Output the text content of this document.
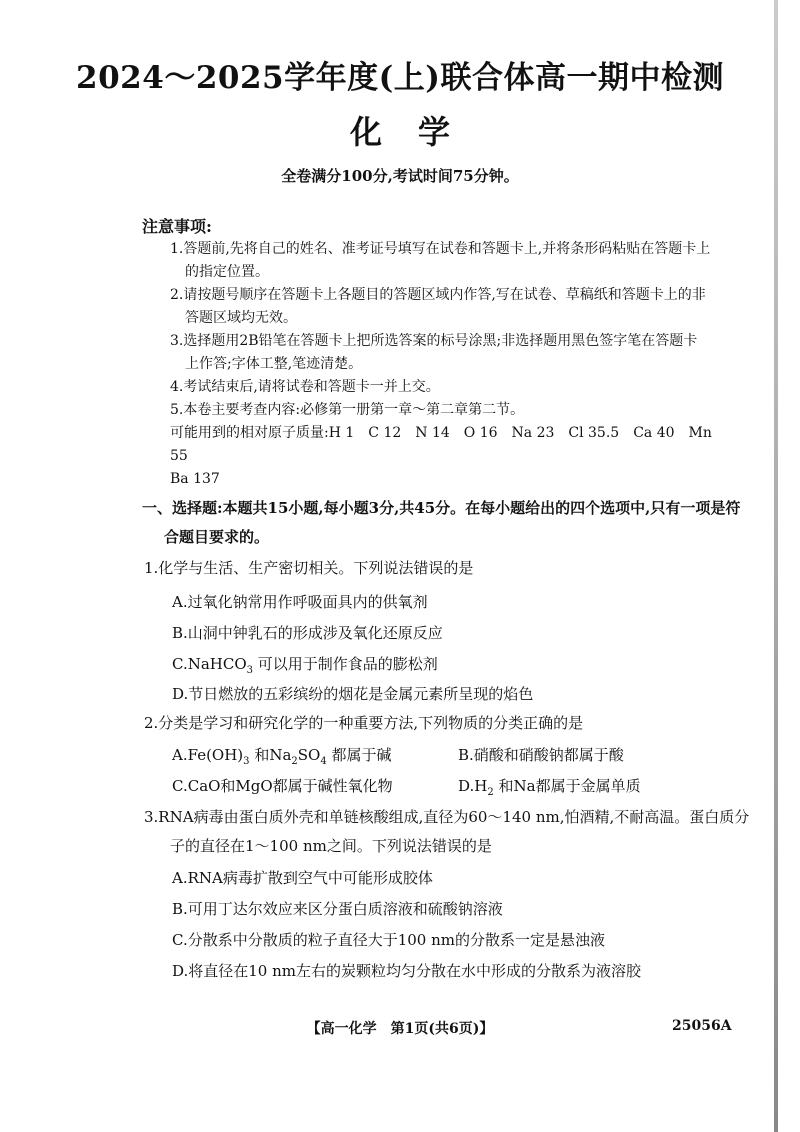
2024～2025学年度(上)联合体高一期中检测
化学
全卷满分100分,考试时间75分钟。
注意事项:
1.答题前,先将自己的姓名、准考证号填写在试卷和答题卡上,并将条形码粘贴在答题卡上
的指定位置。
2.请按题号顺序在答题卡上各题目的答题区域内作答,写在试卷、草稿纸和答题卡上的非
答题区域均无效。
3.选择题用2B铅笔在答题卡上把所选答案的标号涂黑;非选择题用黑色签字笔在答题卡
上作答;字体工整,笔迹清楚。
4.考试结束后,请将试卷和答题卡一并上交。
5.本卷主要考查内容:必修第一册第一章～第二章第二节。
可能用到的相对原子质量:H 1　C 12　N 14　O 16　Na 23　Cl 35.5　Ca 40　Mn 55
Ba 137
一、选择题:本题共15小题,每小题3分,共45分。在每小题给出的四个选项中,只有一项是符
合题目要求的。
1.化学与生活、生产密切相关。下列说法错误的是
A.过氧化钠常用作呼吸面具内的供氧剂
B.山洞中钟乳石的形成涉及氧化还原反应
C.NaHCO$_3$ 可以用于制作食品的膨松剂
D.节日燃放的五彩缤纷的烟花是金属元素所呈现的焰色
2.分类是学习和研究化学的一种重要方法,下列物质的分类正确的是
$A.Fe(OH)_3$ 和$Na_2SO_4$ 都属于碱	B.硝酸和硝酸钠都属于酸
C.CaO和MgO都属于碱性氧化物	$D.H_2$ 和Na都属于金属单质
3.RNA病毒由蛋白质外壳和单链核酸组成,直径为60～140 nm,怕酒精,不耐高温。蛋白质分
子的直径在1～100 nm之间。下列说法错误的是
A.RNA病毒扩散到空气中可能形成胶体
B.可用丁达尔效应来区分蛋白质溶液和硫酸钠溶液
C.分散系中分散质的粒子直径大于100 nm的分散系一定是悬浊液
D.将直径在10 nm左右的炭颗粒均匀分散在水中形成的分散系为液溶胶
【高一化学　第1页(共6页)】	25056A
